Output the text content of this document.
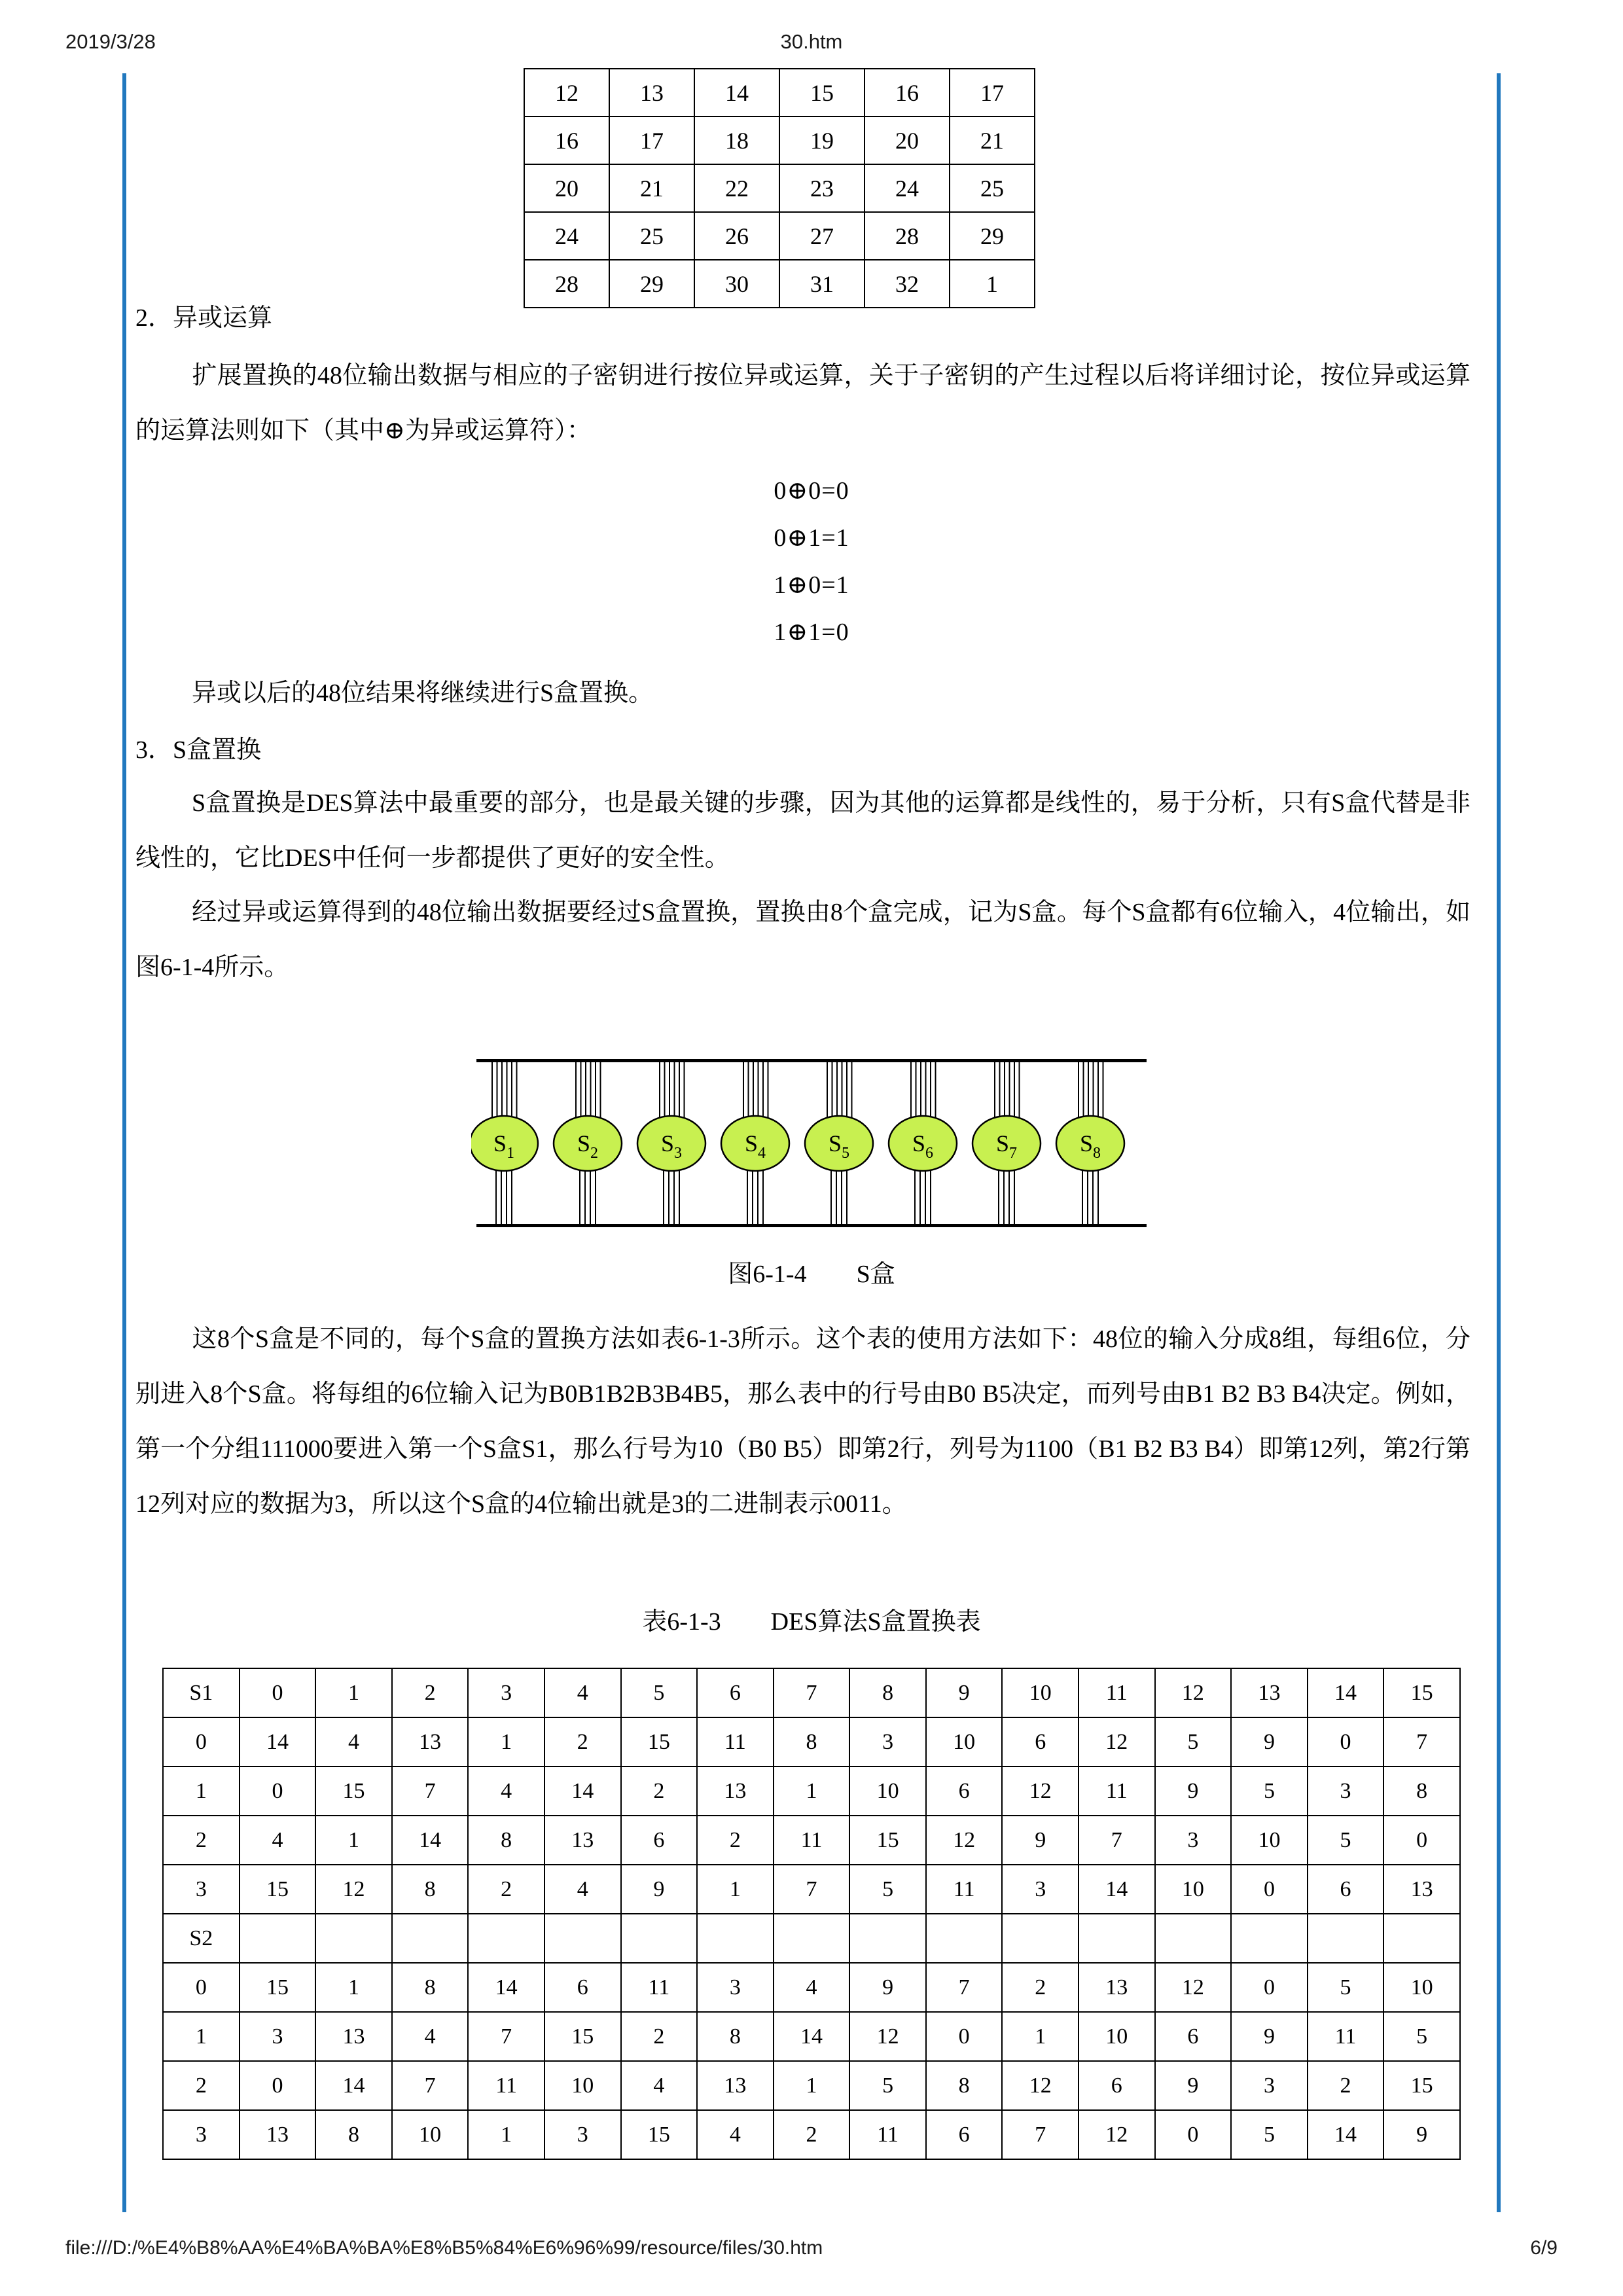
2019/3/28	30.htm
12	13	14	15	16	17
16	17	18	19	20	21
20	21	22	23	24	25
24	25	26	27	28	29
28	29	30	31	32	1
2．异或运算
扩展置换的48位输出数据与相应的子密钥进行按位异或运算，关于子密钥的产生过程以后将详细讨论，按位异或运算的运算法则如下（其中⊕为异或运算符）：
0⊕0=0
0⊕1=1
1⊕0=1
1⊕1=0
异或以后的48位结果将继续进行S盒置换。
3．S盒置换
S盒置换是DES算法中最重要的部分，也是最关键的步骤，因为其他的运算都是线性的，易于分析，只有S盒代替是非线性的，它比DES中任何一步都提供了更好的安全性。
经过异或运算得到的48位输出数据要经过S盒置换，置换由8个盒完成，记为S盒。每个S盒都有6位输入，4位输出，如图6-1-4所示。
$S_1$	$S_2$	$S_3$	$S_4$	$S_5$	$S_6$	$S_7$	$S_8$
图6-1-4　　S盒
这8个S盒是不同的，每个S盒的置换方法如表6-1-3所示。这个表的使用方法如下：48位的输入分成8组，每组6位，分别进入8个S盒。将每组的6位输入记为B0B1B2B3B4B5，那么表中的行号由B0 B5决定，而列号由B1 B2 B3 B4决定。例如，第一个分组111000要进入第一个S盒S1，那么行号为10（B0 B5）即第2行，列号为1100（B1 B2 B3 B4）即第12列，第2行第12列对应的数据为3，所以这个S盒的4位输出就是3的二进制表示0011。
表6-1-3　　DES算法S盒置换表
S1	0	1	2	3	4	5	6	7	8	9	10	11	12	13	14	15
0	14	4	13	1	2	15	11	8	3	10	6	12	5	9	0	7
1	0	15	7	4	14	2	13	1	10	6	12	11	9	5	3	8
2	4	1	14	8	13	6	2	11	15	12	9	7	3	10	5	0
3	15	12	8	2	4	9	1	7	5	11	3	14	10	0	6	13
S2																
0	15	1	8	14	6	11	3	4	9	7	2	13	12	0	5	10
1	3	13	4	7	15	2	8	14	12	0	1	10	6	9	11	5
2	0	14	7	11	10	4	13	1	5	8	12	6	9	3	2	15
3	13	8	10	1	3	15	4	2	11	6	7	12	0	5	14	9
file:///D:/%E4%B8%AA%E4%BA%BA%E8%B5%84%E6%96%99/resource/files/30.htm	6/9
